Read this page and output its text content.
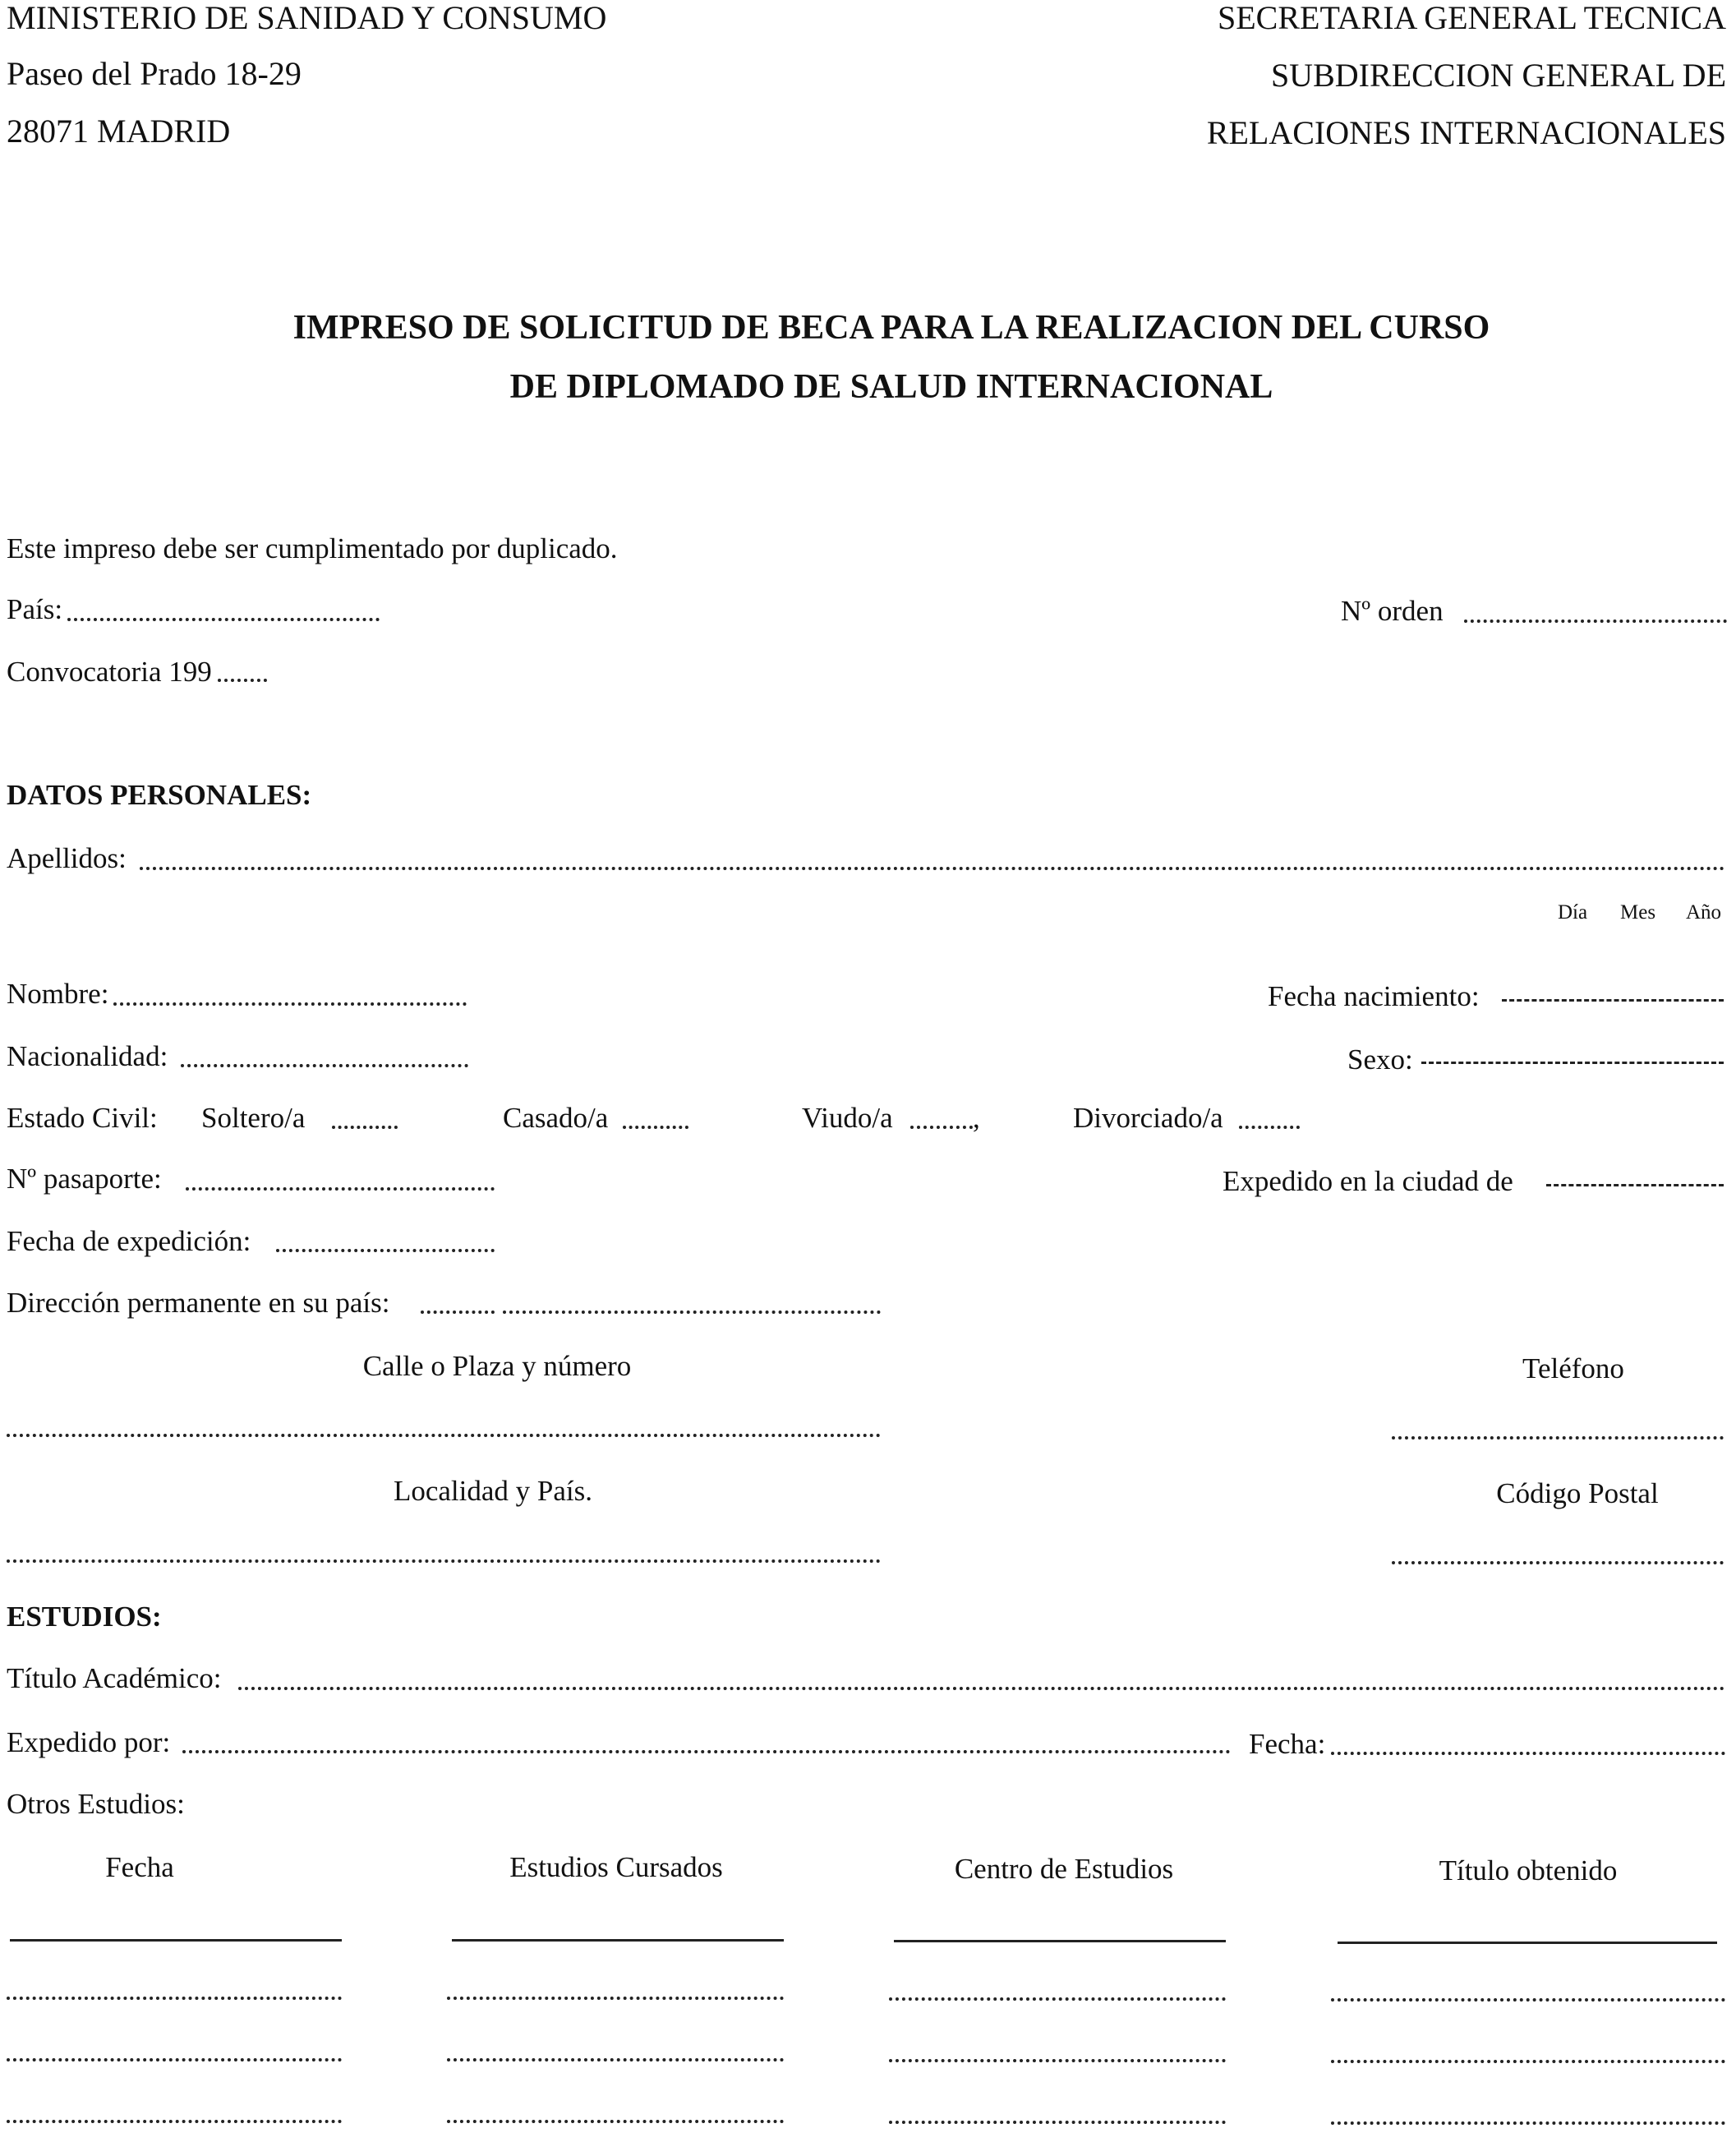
MINISTERIO DE SANIDAD Y CONSUMO
Paseo del Prado 18-29
28071 MADRID
SECRETARIA GENERAL TECNICA
SUBDIRECCION GENERAL DE
RELACIONES INTERNACIONALES
IMPRESO DE SOLICITUD DE BECA PARA LA REALIZACION DEL CURSO
DE DIPLOMADO DE SALUD INTERNACIONAL
Este impreso debe ser cumplimentado por duplicado.
País:	Nº orden
Convocatoria 199
DATOS PERSONALES:
Apellidos:
Día Mes Año
Nombre:	Fecha nacimiento:
Nacionalidad:	Sexo:
Estado Civil: Soltero/a	Casado/a	Viudo/a	,	Divorciado/a
Nº pasaporte:	Expedido en la ciudad de
Fecha de expedición:
Dirección permanente en su país:
Calle o Plaza y número	Teléfono
Localidad y País.	Código Postal
ESTUDIOS:
Título Académico:
Expedido por:	Fecha:
Otros Estudios:
Fecha	Estudios Cursados	Centro de Estudios	Título obtenido
